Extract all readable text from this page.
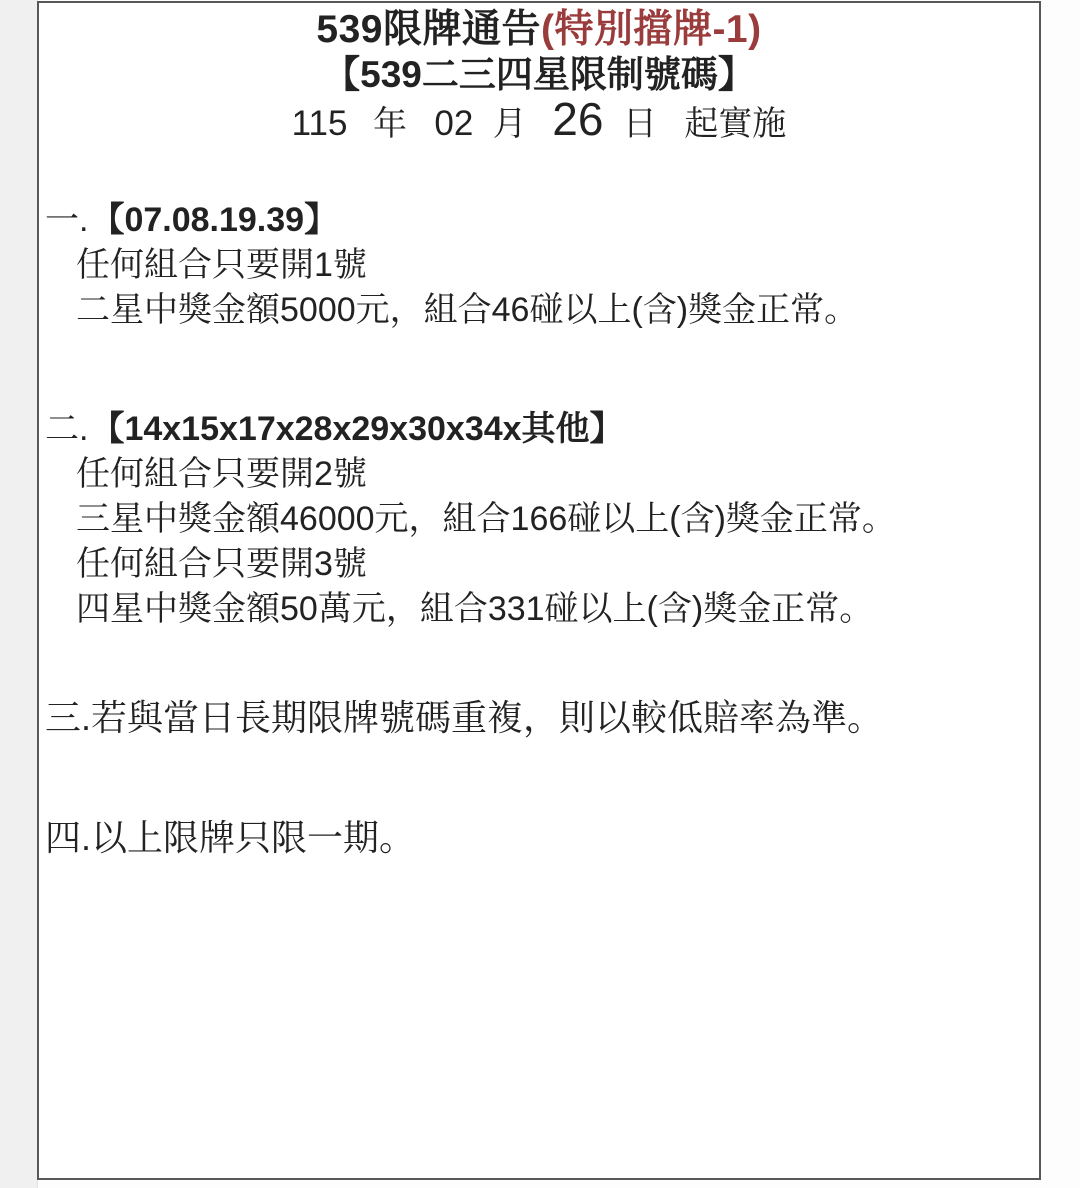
539限牌通告(特別擋牌-1)
【539二三四星限制號碼】
115 年 02 月 26 日 起實施
一.【07.08.19.39】
任何組合只要開1號
二星中獎金額5000元，組合46碰以上(含)獎金正常。
二.【14x15x17x28x29x30x34x其他】
任何組合只要開2號
三星中獎金額46000元，組合166碰以上(含)獎金正常。
任何組合只要開3號
四星中獎金額50萬元，組合331碰以上(含)獎金正常。
三.若與當日長期限牌號碼重複，則以較低賠率為準。
四.以上限牌只限一期。
